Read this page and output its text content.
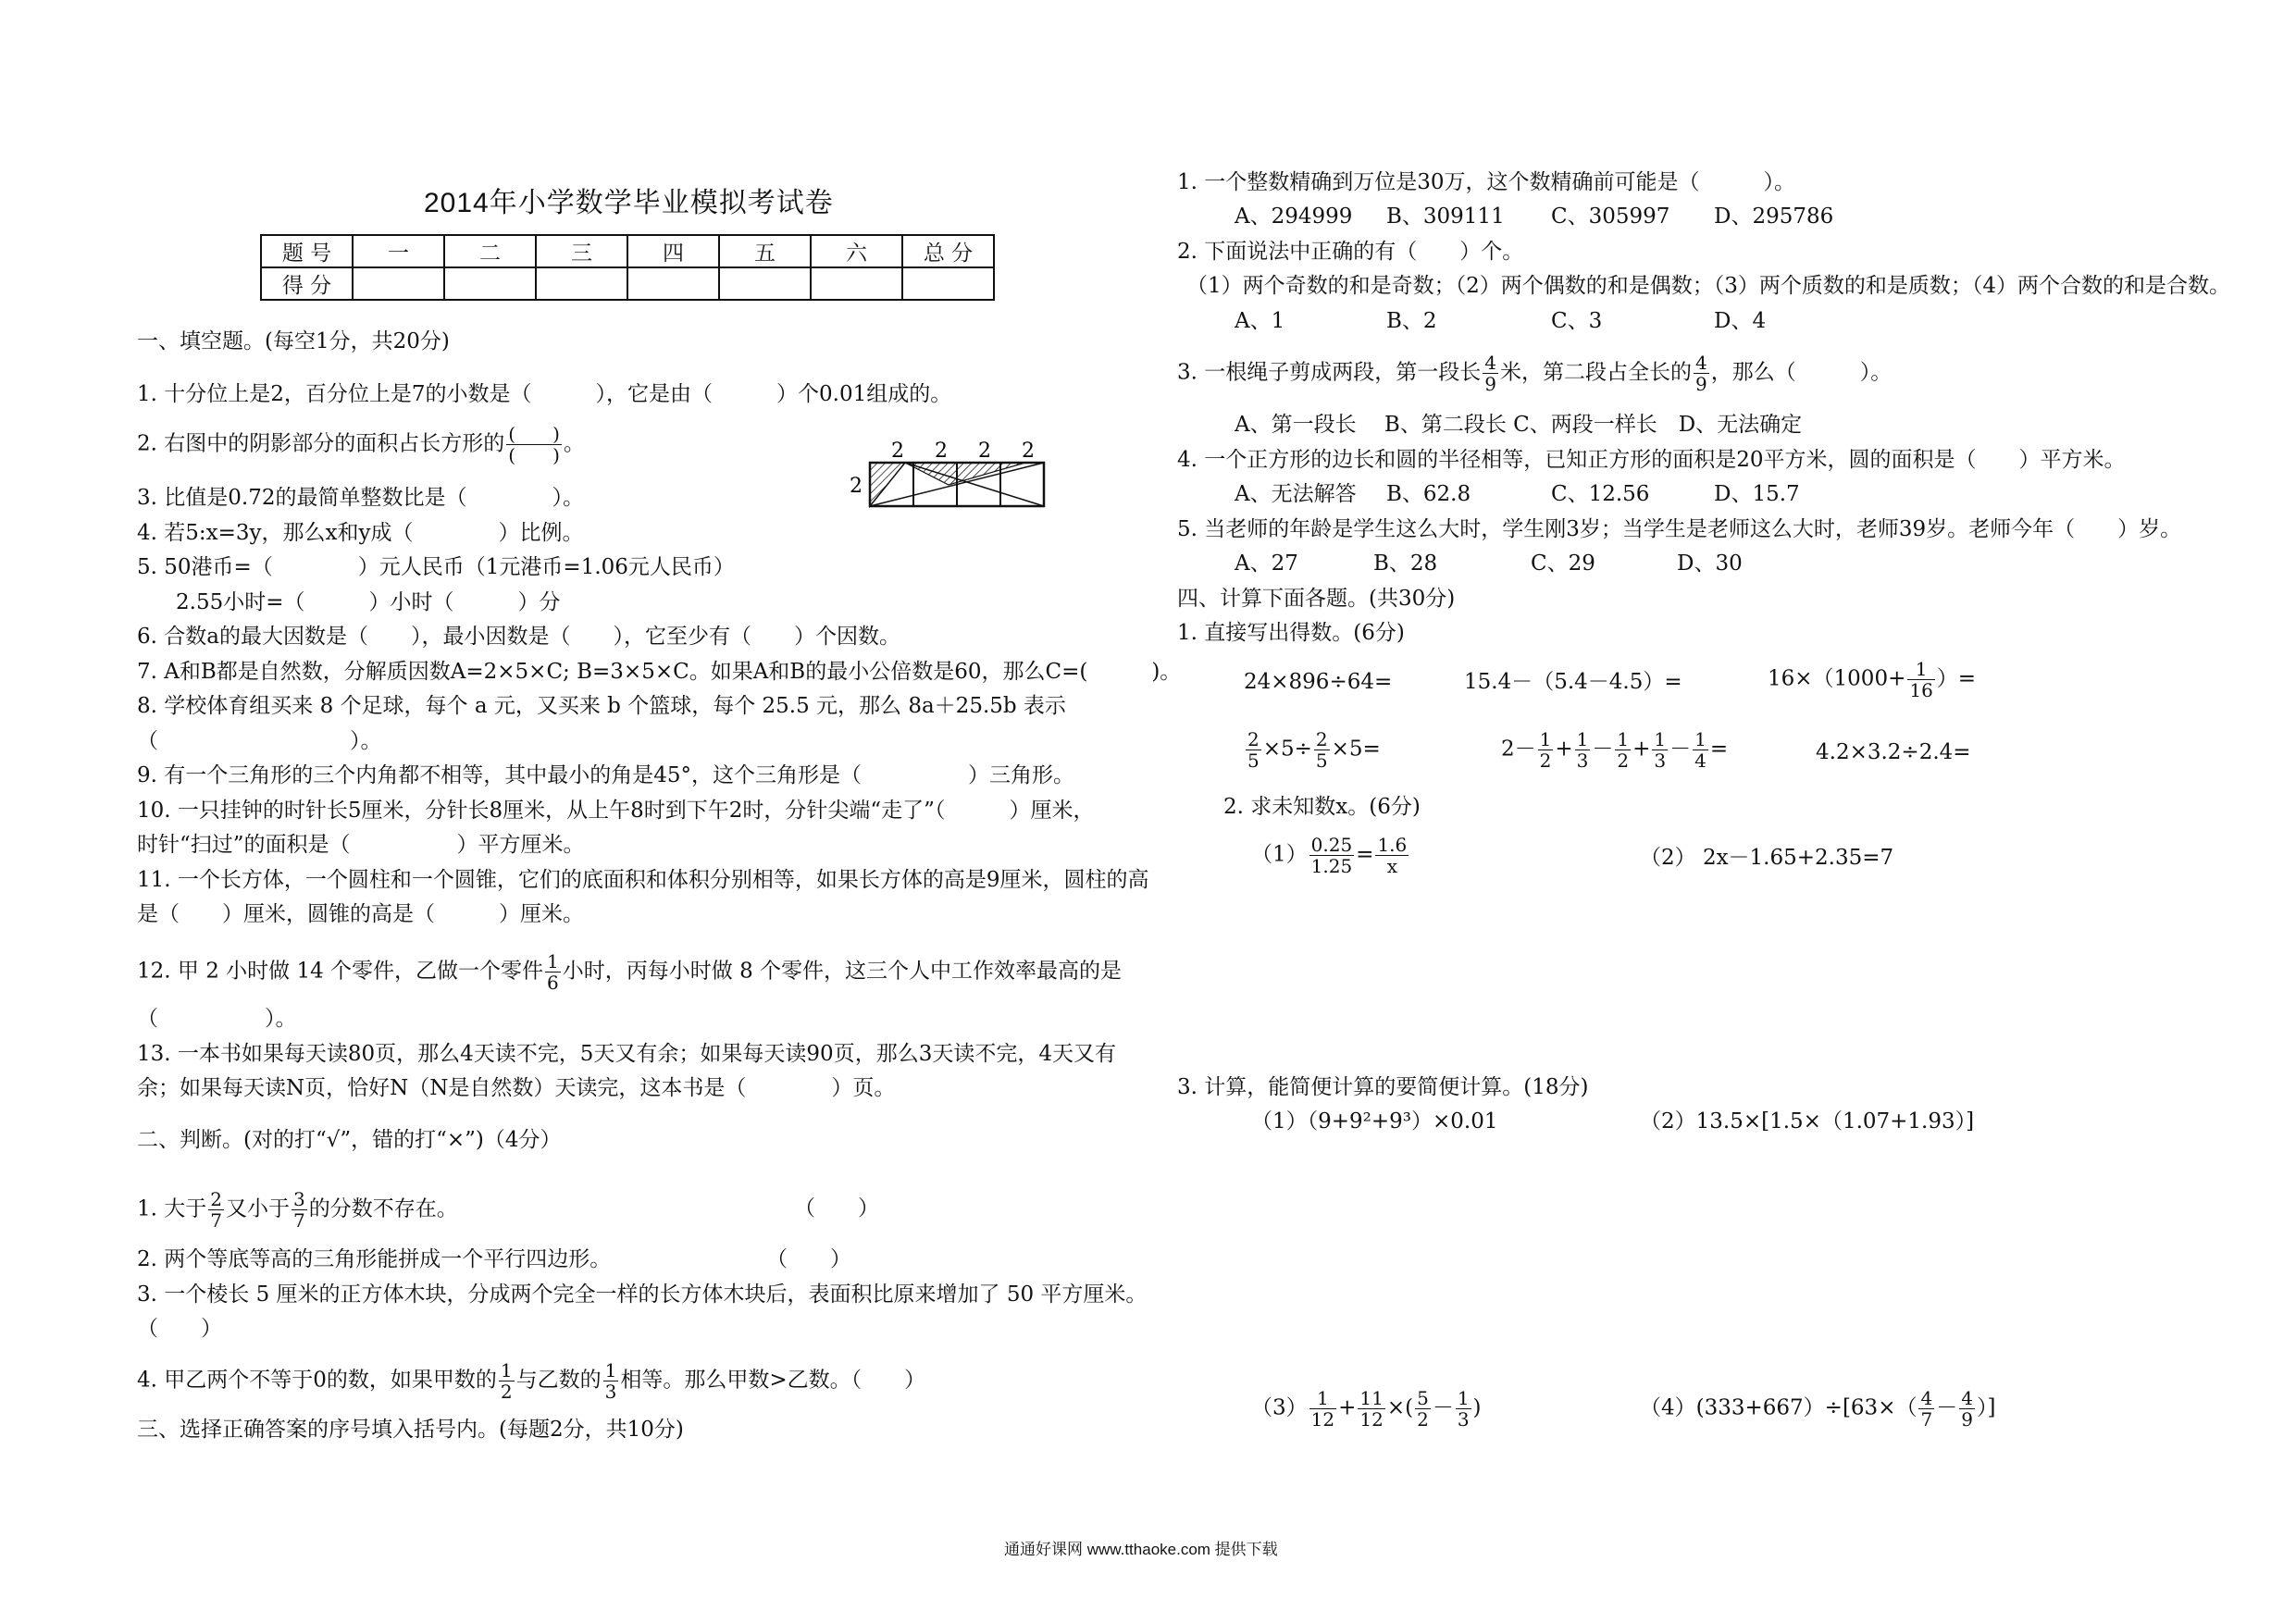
2014年小学数学毕业模拟考试卷
题 号	一	二	三	四	五	六	总 分
得 分							
一、填空题。(每空1分，共20分)
1. 十分位上是2，百分位上是7的小数是（　　　），它是由（　　　）个0.01组成的。
2. 右图中的阴影部分的面积占长方形的 (　　)
(　　) 。
3. 比值是0.72的最简单整数比是（　　　　）。
4. 若5:x=3y，那么x和y成（　　　　）比例。
5. 50港币=（　　　　）元人民币（1元港币=1.06元人民币）
2.55小时=（　　　）小时（　　　）分
6. 合数a的最大因数是（　　），最小因数是（　　），它至少有（　　）个因数。
7. A和B都是自然数，分解质因数A=2×5×C; B=3×5×C。如果A和B的最小公倍数是60，那么C=(　　　)。
8. 学校体育组买来 8 个足球，每个 a 元，又买来 b 个篮球，每个 25.5 元，那么 8a＋25.5b 表示
（　　　　　　　　　）。
9. 有一个三角形的三个内角都不相等，其中最小的角是45°，这个三角形是（　　　　　）三角形。
10. 一只挂钟的时针长5厘米，分针长8厘米，从上午8时到下午2时，分针尖端“走了”（　　　）厘米，
时针“扫过”的面积是（　　　　　）平方厘米。
11. 一个长方体，一个圆柱和一个圆锥，它们的底面积和体积分别相等，如果长方体的高是9厘米，圆柱的高
是（　　）厘米，圆锥的高是（　　　）厘米。
12. 甲 2 小时做 14 个零件，乙做一个零件 $\frac{1}{6}$ 小时，丙每小时做 8 个零件，这三个人中工作效率最高的是
（　　　　　）。
13. 一本书如果每天读80页，那么4天读不完，5天又有余；如果每天读90页，那么3天读不完，4天又有
余；如果每天读N页，恰好N（N是自然数）天读完，这本书是（　　　　）页。
二、判断。(对的打“√”，错的打“×”)（4分）
1. 大于 $\frac{2}{7}$ 又小于 $\frac{3}{7}$ 的分数不存在。	（　　）
2. 两个等底等高的三角形能拼成一个平行四边形。	（　　）
3. 一个棱长 5 厘米的正方体木块，分成两个完全一样的长方体木块后，表面积比原来增加了 50 平方厘米。
（　　）
4. 甲乙两个不等于0的数，如果甲数的 $\frac{1}{2}$ 与乙数的 $\frac{1}{3}$ 相等。那么甲数>乙数。（　　）
三、选择正确答案的序号填入括号内。(每题2分，共10分)
2 2 2 2
2
1. 一个整数精确到万位是30万，这个数精确前可能是（　　　）。
A、294999 B、309111 C、305997 D、295786
2. 下面说法中正确的有（　　）个。
（1）两个奇数的和是奇数；（2）两个偶数的和是偶数；（3）两个质数的和是质数；（4）两个合数的和是合数。
A、1	B、2	C、3	D、4
3. 一根绳子剪成两段，第一段长 $\frac{4}{9}$ 米，第二段占全长的 $\frac{4}{9}$ ，那么（　　　）。
A、第一段长　 B、第二段长 C、两段一样长　D、无法确定
4. 一个正方形的边长和圆的半径相等，已知正方形的面积是20平方米，圆的面积是（　　）平方米。
A、无法解答 B、62.8	C、12.56	D、15.7
5. 当老师的年龄是学生这么大时，学生刚3岁；当学生是老师这么大时，老师39岁。老师今年（　　）岁。
A、27	B、28	C、29	D、30
四、计算下面各题。(共30分)
1. 直接写出得数。(6分)
24×896÷64=	15.4－（5.4－4.5）=	$16\times(1000+ \frac{1}{16}$ ）=
$\frac{2}{5} \times 5\div \frac{2}{5} \times 5=$	$2- \frac{1}{2} + \frac{1}{3} - \frac{1}{2} + \frac{1}{3} - \frac{1}{4}$ =	4.2×3.2÷2.4=
2. 求未知数x。(6分)
$(1) \frac{0.25}{1.25} = \frac{1.6}{x}$	（2） 2x－1.65+2.35=7
3. 计算，能简便计算的要简便计算。(18分)
（1）（9+9²+9³）×0.01	（2）13.5×[1.5×（1.07+1.93）]
$(3) \frac{1}{12} + \frac{11}{12}$ ×( $\frac{5}{2} - \frac{1}{3}$ )	$(4)(333+667)\div[63\times( \frac{4}{7} - \frac{4}{9}$ ）]
通通好课网 www.tthaoke.com 提供下载
